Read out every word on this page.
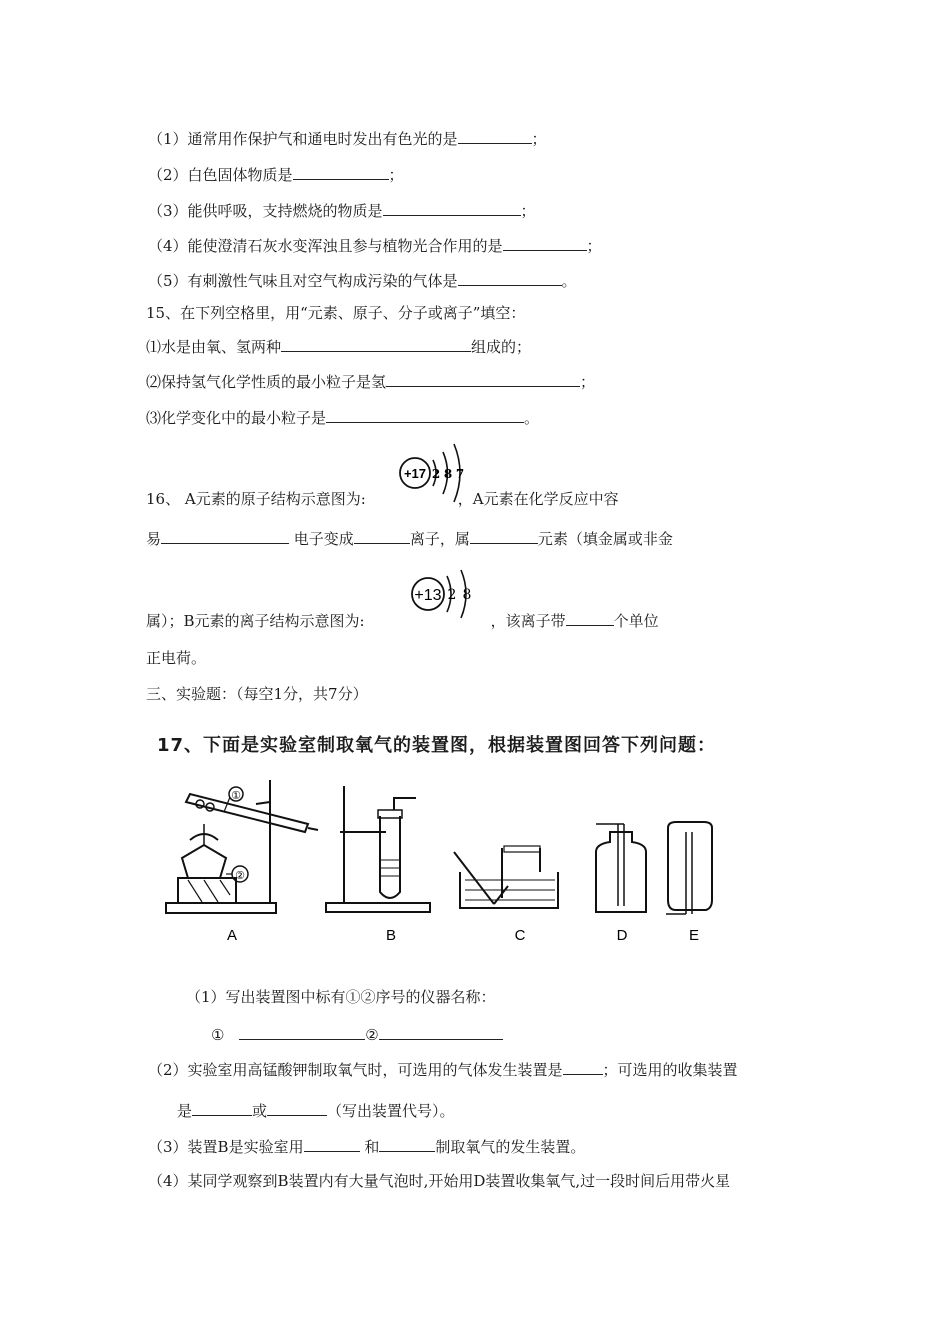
（1）通常用作保护气和通电时发出有色光的是	；
（2）白色固体物质是	；
（3）能供呼吸，支持燃烧的物质是	；
（4）能使澄清石灰水变浑浊且参与植物光合作用的是	；
（5）有刺激性气味且对空气构成污染的气体是	。
15、在下列空格里，用“元素、原子、分子或离子”填空：
⑴水是由氧、氢两种	组成的；
⑵保持氢气化学性质的最小粒子是氢	；
⑶化学变化中的最小粒子是	。
+17 2 8 7
16、 A元素的原子结构示意图为:	，A元素在化学反应中容
易	电子变成	离子，属	元素（填金属或非金
+13 2 8
属）；B元素的离子结构示意图为:	，该离子带	个单位
正电荷。
三、实验题：（每空1分，共7分）
17、下面是实验室制取氧气的装置图，根据装置图回答下列问题：
①
②
A	B	C	D	E
（1）写出装置图中标有①②序号的仪器名称：
①	②
（2）实验室用高锰酸钾制取氧气时，可选用的气体发生装置是	；可选用的收集装置
是	或	（写出装置代号）。
（3）装置B是实验室用	和	制取氧气的发生装置。
（4）某同学观察到B装置内有大量气泡时,开始用D装置收集氧气,过一段时间后用带火星
